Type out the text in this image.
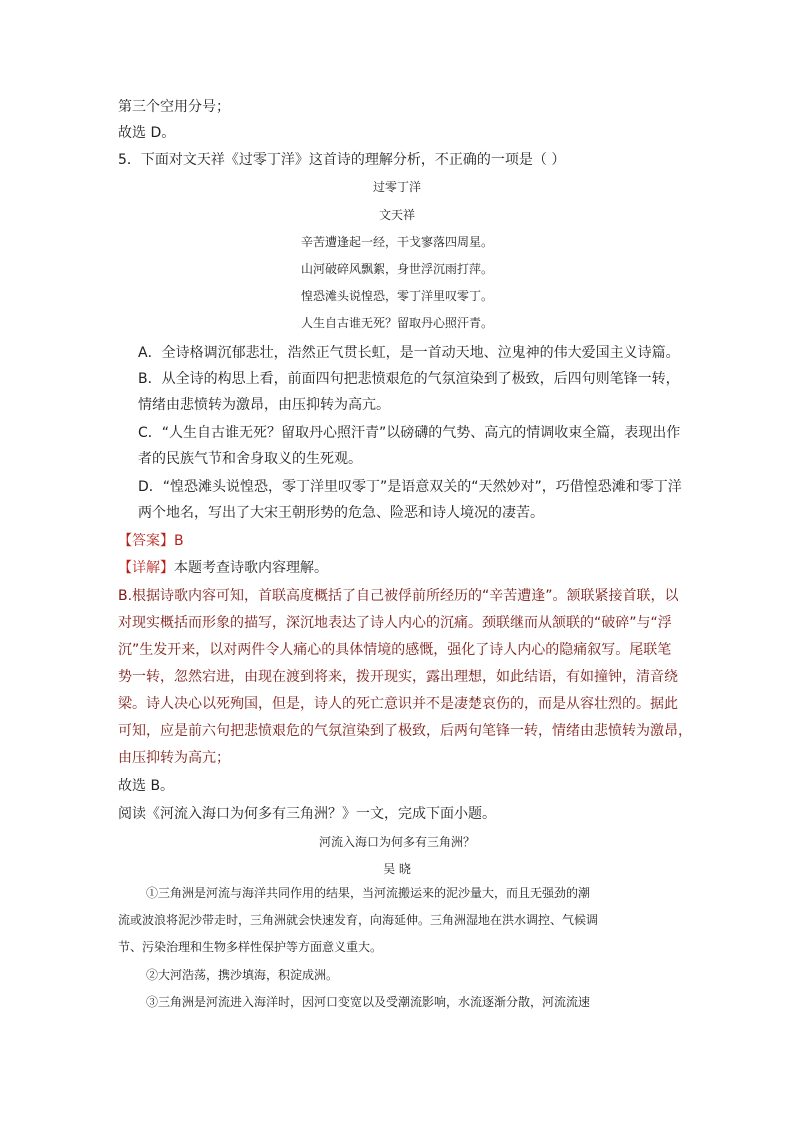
第三个空用分号；
故选 D。
5．下面对文天祥《过零丁洋》这首诗的理解分析，不正确的一项是（ ）
过零丁洋
文天祥
辛苦遭逢起一经，干戈寥落四周星。
山河破碎风飘絮，身世浮沉雨打萍。
惶恐滩头说惶恐，零丁洋里叹零丁。
人生自古谁无死？留取丹心照汗青。
A．全诗格调沉郁悲壮，浩然正气贯长虹，是一首动天地、泣鬼神的伟大爱国主义诗篇。
B．从全诗的构思上看，前面四句把悲愤艰危的气氛渲染到了极致，后四句则笔锋一转，
情绪由悲愤转为激昂，由压抑转为高亢。
C．“人生自古谁无死？留取丹心照汗青”以磅礴的气势、高亢的情调收束全篇，表现出作
者的民族气节和舍身取义的生死观。
D．“惶恐滩头说惶恐，零丁洋里叹零丁”是语意双关的“天然妙对”，巧借惶恐滩和零丁洋
两个地名，写出了大宋王朝形势的危急、险恶和诗人境况的凄苦。
【答案】B
【详解】本题考查诗歌内容理解。
B.根据诗歌内容可知，首联高度概括了自己被俘前所经历的“辛苦遭逢”。颔联紧接首联，以
对现实概括而形象的描写，深沉地表达了诗人内心的沉痛。颈联继而从颔联的“破碎”与“浮
沉”生发开来，以对两件令人痛心的具体情境的感慨，强化了诗人内心的隐痛叙写。尾联笔
势一转，忽然宕进，由现在渡到将来，拨开现实，露出理想，如此结语，有如撞钟，清音绕
梁。诗人决心以死殉国，但是，诗人的死亡意识并不是凄楚哀伤的，而是从容壮烈的。据此
可知，应是前六句把悲愤艰危的气氛渲染到了极致，后两句笔锋一转，情绪由悲愤转为激昂，
由压抑转为高亢；
故选 B。
阅读《河流入海口为何多有三角洲？》一文，完成下面小题。
河流入海口为何多有三角洲？
吴 晓
①三角洲是河流与海洋共同作用的结果，当河流搬运来的泥沙量大，而且无强劲的潮
流或波浪将泥沙带走时，三角洲就会快速发育，向海延伸。三角洲湿地在洪水调控、气候调
节、污染治理和生物多样性保护等方面意义重大。
②大河浩荡，携沙填海，积淀成洲。
③三角洲是河流进入海洋时，因河口变宽以及受潮流影响，水流逐渐分散，河流流速
